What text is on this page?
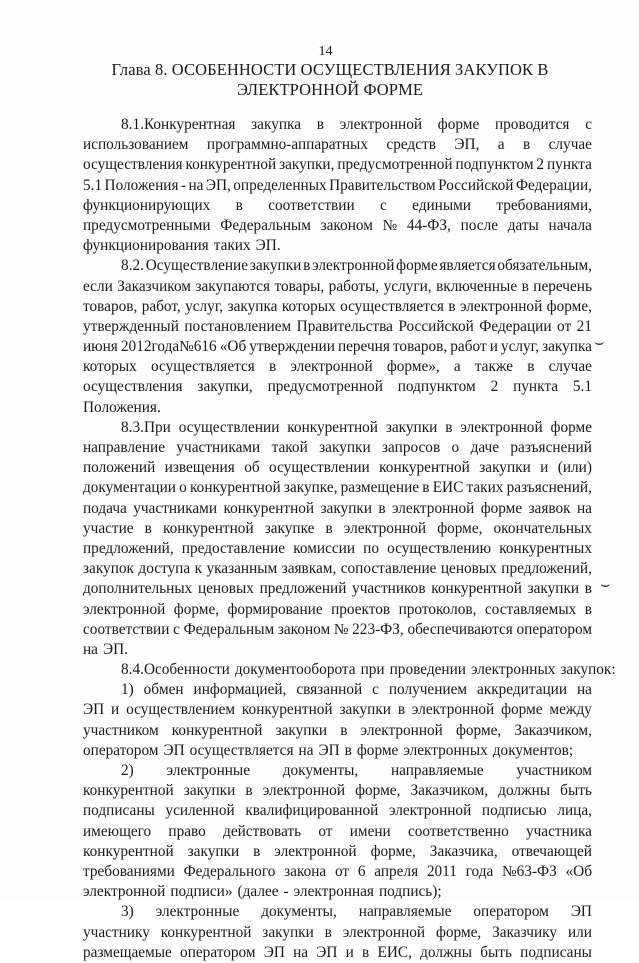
14
Глава 8. ОСОБЕННОСТИ ОСУЩЕСТВЛЕНИЯ ЗАКУПОК В
ЭЛЕКТРОННОЙ ФОРМЕ
8.1.Конкурентная закупка в электронной форме проводится с
использованием программно-аппаратных средств ЭП, а в случае
осуществления конкурентной закупки, предусмотренной подпунктом 2 пункта
5.1 Положения - на ЭП, определенных Правительством Российской Федерации,
функционирующих в соответствии с едиными требованиями,
предусмотренными Федеральным законом № 44-ФЗ, после даты начала
функционирования таких ЭП.
8.2. Осуществление закупки в электронной форме является обязательным,
если Заказчиком закупаются товары, работы, услуги, включенные в перечень
товаров, работ, услуг, закупка которых осуществляется в электронной форме,
утвержденный постановлением Правительства Российской Федерации от 21
июня 2012года№616 «Об утверждении перечня товаров, работ и услуг, закупка
которых осуществляется в электронной форме», а также в случае
осуществления закупки, предусмотренной подпунктом 2 пункта 5.1
Положения.
8.3.При осуществлении конкурентной закупки в электронной форме
направление участниками такой закупки запросов о даче разъяснений
положений извещения об осуществлении конкурентной закупки и (или)
документации о конкурентной закупке, размещение в ЕИС таких разъяснений,
подача участниками конкурентной закупки в электронной форме заявок на
участие в конкурентной закупке в электронной форме, окончательных
предложений, предоставление комиссии по осуществлению конкурентных
закупок доступа к указанным заявкам, сопоставление ценовых предложений,
дополнительных ценовых предложений участников конкурентной закупки в
электронной форме, формирование проектов протоколов, составляемых в
соответствии с Федеральным законом № 223-ФЗ, обеспечиваются оператором
на ЭП.
8.4.Особенности документооборота при проведении электронных закупок:
1) обмен информацией, связанной с получением аккредитации на
ЭП и осуществлением конкурентной закупки в электронной форме между
участником конкурентной закупки в электронной форме, Заказчиком,
оператором ЭП осуществляется на ЭП в форме электронных документов;
2) электронные документы, направляемые участником
конкурентной закупки в электронной форме, Заказчиком, должны быть
подписаны усиленной квалифицированной электронной подписью лица,
имеющего право действовать от имени соответственно участника
конкурентной закупки в электронной форме, Заказчика, отвечающей
требованиями Федерального закона от 6 апреля 2011 года №63-ФЗ «Об
электронной подписи» (далее - электронная подпись);
3) электронные документы, направляемые оператором ЭП
участнику конкурентной закупки в электронной форме, Заказчику или
размещаемые оператором ЭП на ЭП и в ЕИС, должны быть подписаны
⌣
⌣
